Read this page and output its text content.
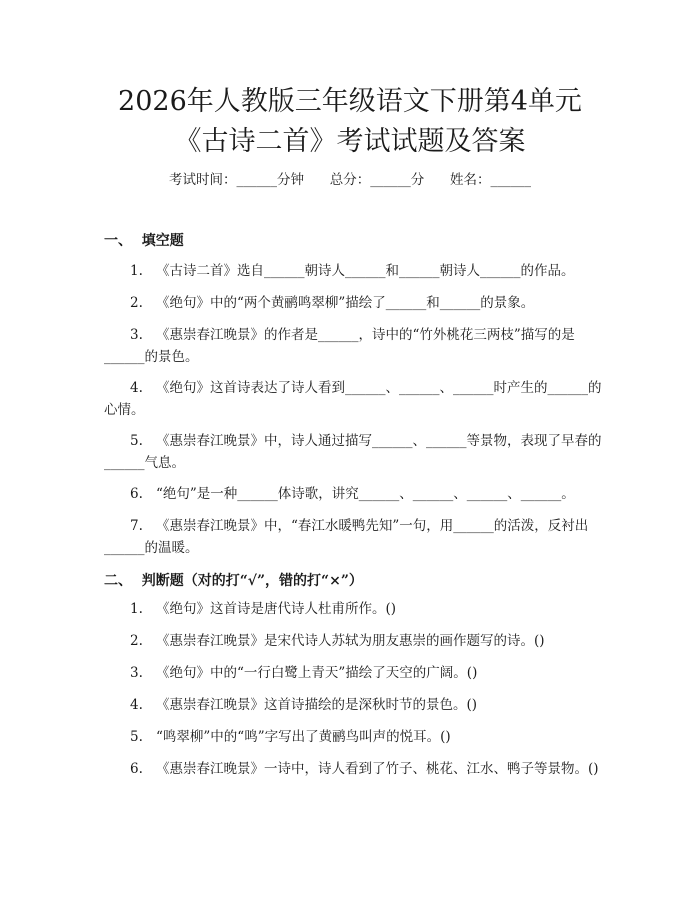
2026年人教版三年级语文下册第4单元《古诗二首》考试试题及答案
考试时间：______分钟      总分：______分      姓名：______
一、  填空题

1. 《古诗二首》选自______朝诗人______和______朝诗人______的作品。

2. 《绝句》中的“两个黄鹂鸣翠柳”描绘了______和______的景象。

3. 《惠崇春江晚景》的作者是______，诗中的“竹外桃花三两枝”描写的是______的景色。

4. 《绝句》这首诗表达了诗人看到______、______、______时产生的______的心情。

5. 《惠崇春江晚景》中，诗人通过描写______、______等景物，表现了早春的______气息。

6. “绝句”是一种______体诗歌，讲究______、______、______、______。

7. 《惠崇春江晚景》中，“春江水暖鸭先知”一句，用______的活泼，反衬出______的温暖。

二、  判断题（对的打“√”，错的打“×”）

1. 《绝句》这首诗是唐代诗人杜甫所作。()

2. 《惠崇春江晚景》是宋代诗人苏轼为朋友惠崇的画作题写的诗。()

3. 《绝句》中的“一行白鹭上青天”描绘了天空的广阔。()

4. 《惠崇春江晚景》这首诗描绘的是深秋时节的景色。()

5. “鸣翠柳”中的“鸣”字写出了黄鹂鸟叫声的悦耳。()

6. 《惠崇春江晚景》一诗中，诗人看到了竹子、桃花、江水、鸭子等景物。()
